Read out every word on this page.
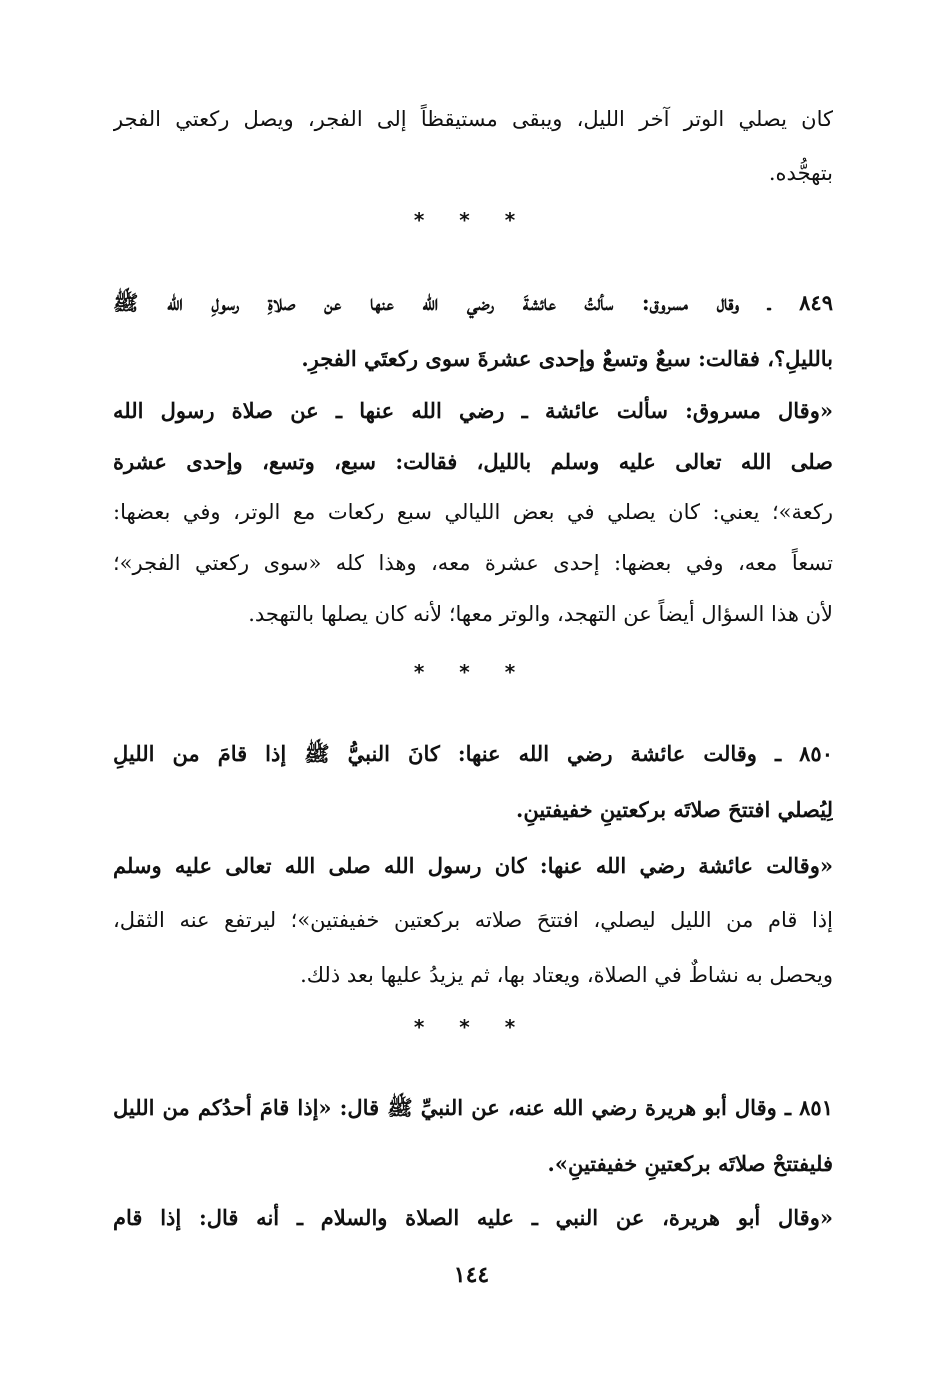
كان يصلي الوتر آخر الليل، ويبقى مستيقظاً إلى الفجر، ويصل ركعتي الفجر
بتهجُّده.
* * *
٨٤٩ ـ وقال مسروق: سألتُ عائشةَ رضي الله عنها عن صلاةِ رسولِ الله ﷺ
بالليلِ؟، فقالت: سبعٌ وتسعٌ وإحدى عشرةَ سوى ركعتَي الفجرِ.
«وقال مسروق: سألت عائشة ـ رضي الله عنها ـ عن صلاة رسول الله
صلى الله تعالى عليه وسلم بالليل، فقالت: سبع، وتسع، وإحدى عشرة
ركعة»؛ يعني: كان يصلي في بعض الليالي سبع ركعات مع الوتر، وفي بعضها:
تسعاً معه، وفي بعضها: إحدى عشرة معه، وهذا كله «سوى ركعتي الفجر»؛
لأن هذا السؤال أيضاً عن التهجد، والوتر معها؛ لأنه كان يصلها بالتهجد.
* * *
٨٥٠ ـ وقالت عائشة رضي الله عنها: كانَ النبيُّ ﷺ إذا قامَ من الليلِ
لِيُصلي افتتحَ صلاتَه بركعتينِ خفيفتينِ.
«وقالت عائشة رضي الله عنها: كان رسول الله صلى الله تعالى عليه وسلم
إذا قام من الليل ليصلي، افتتحَ صلاته بركعتين خفيفتين»؛ ليرتفع عنه الثقل،
ويحصل به نشاطٌ في الصلاة، ويعتاد بها، ثم يزيدُ عليها بعد ذلك.
* * *
٨٥١ ـ وقال أبو هريرة رضي الله عنه، عن النبيِّ ﷺ قال: «إذا قامَ أحدُكم من الليل
فليفتتحْ صلاتَه بركعتينِ خفيفتينِ».
«وقال أبو هريرة، عن النبي ـ عليه الصلاة والسلام ـ أنه قال: إذا قام
١٤٤
